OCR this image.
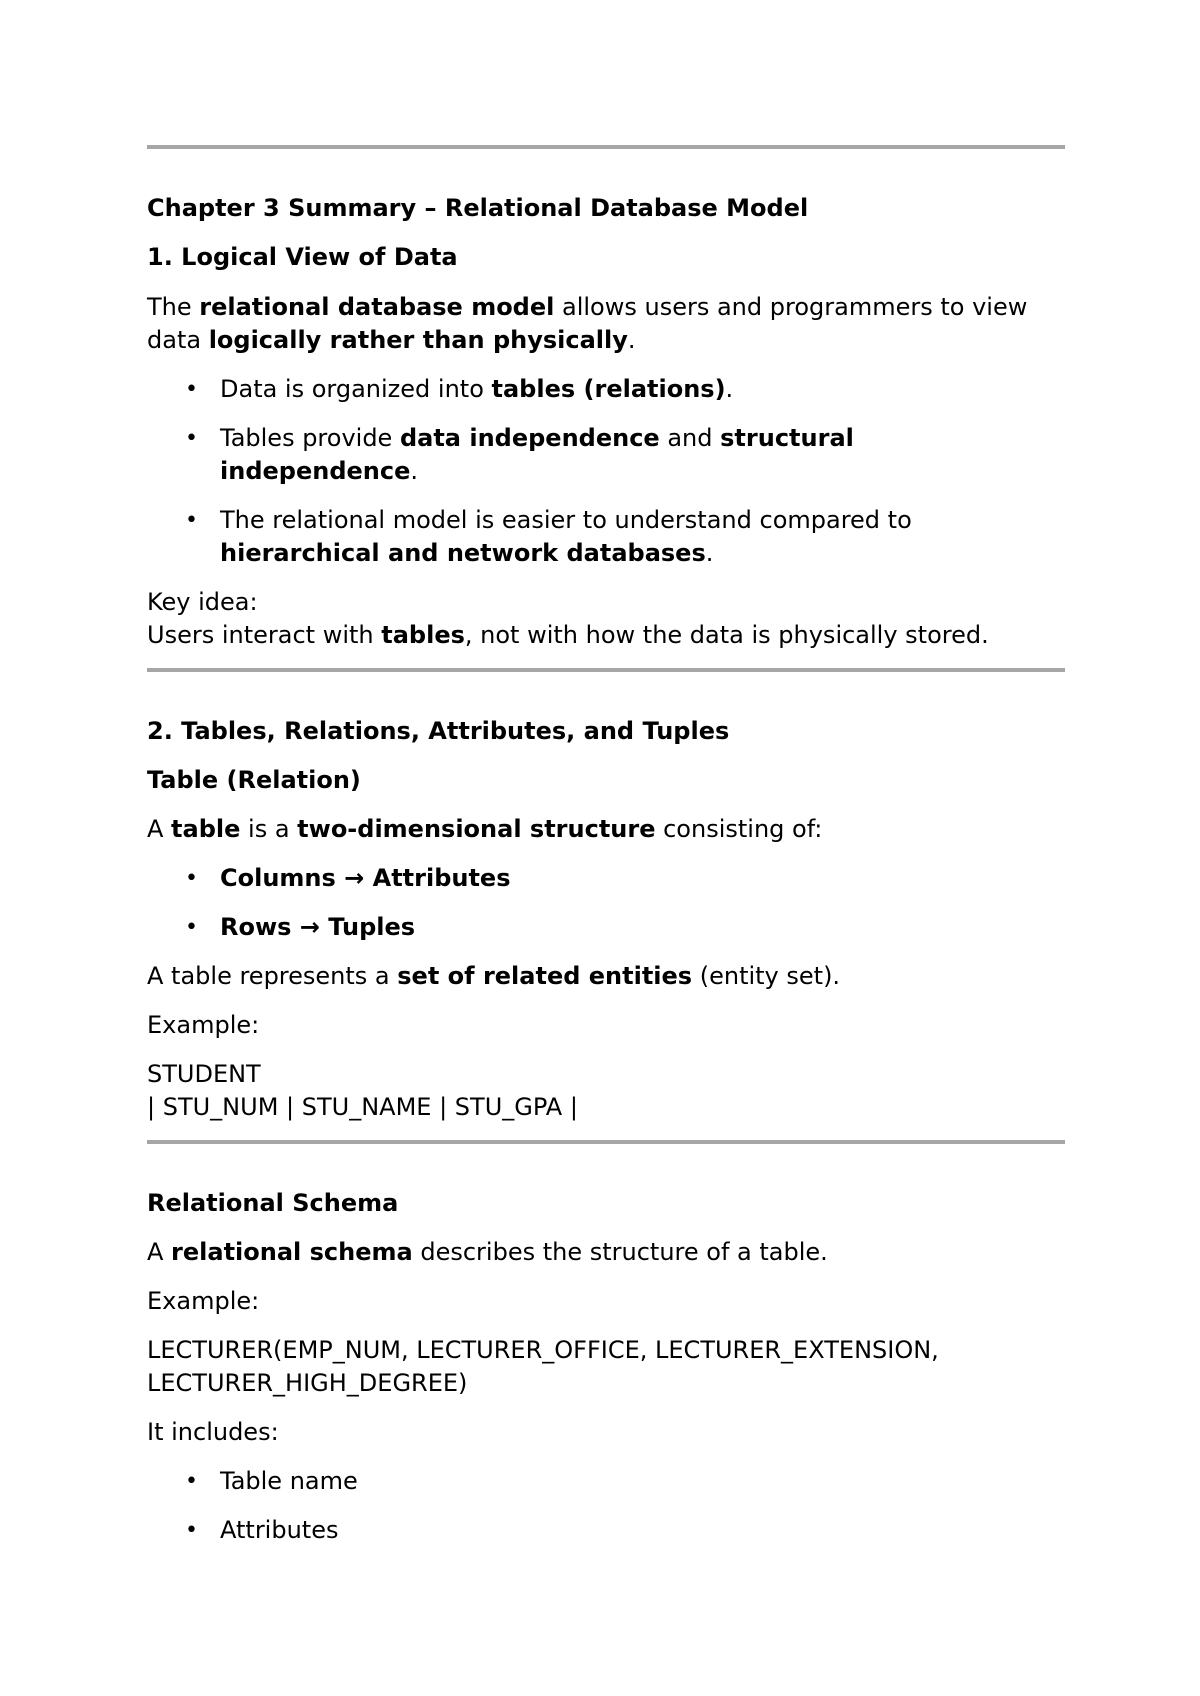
Chapter 3 Summary – Relational Database Model
1. Logical View of Data
The relational database model allows users and programmers to view
data logically rather than physically.
• Data is organized into tables (relations).
• Tables provide data independence and structural
independence.
• The relational model is easier to understand compared to
hierarchical and network databases.
Key idea:
Users interact with tables, not with how the data is physically stored.
2. Tables, Relations, Attributes, and Tuples
Table (Relation)
A table is a two-dimensional structure consisting of:
• Columns → Attributes
• Rows → Tuples
A table represents a set of related entities (entity set).
Example:
STUDENT
| STU_NUM | STU_NAME | STU_GPA |
Relational Schema
A relational schema describes the structure of a table.
Example:
LECTURER(EMP_NUM, LECTURER_OFFICE, LECTURER_EXTENSION,
LECTURER_HIGH_DEGREE)
It includes:
• Table name
• Attributes
